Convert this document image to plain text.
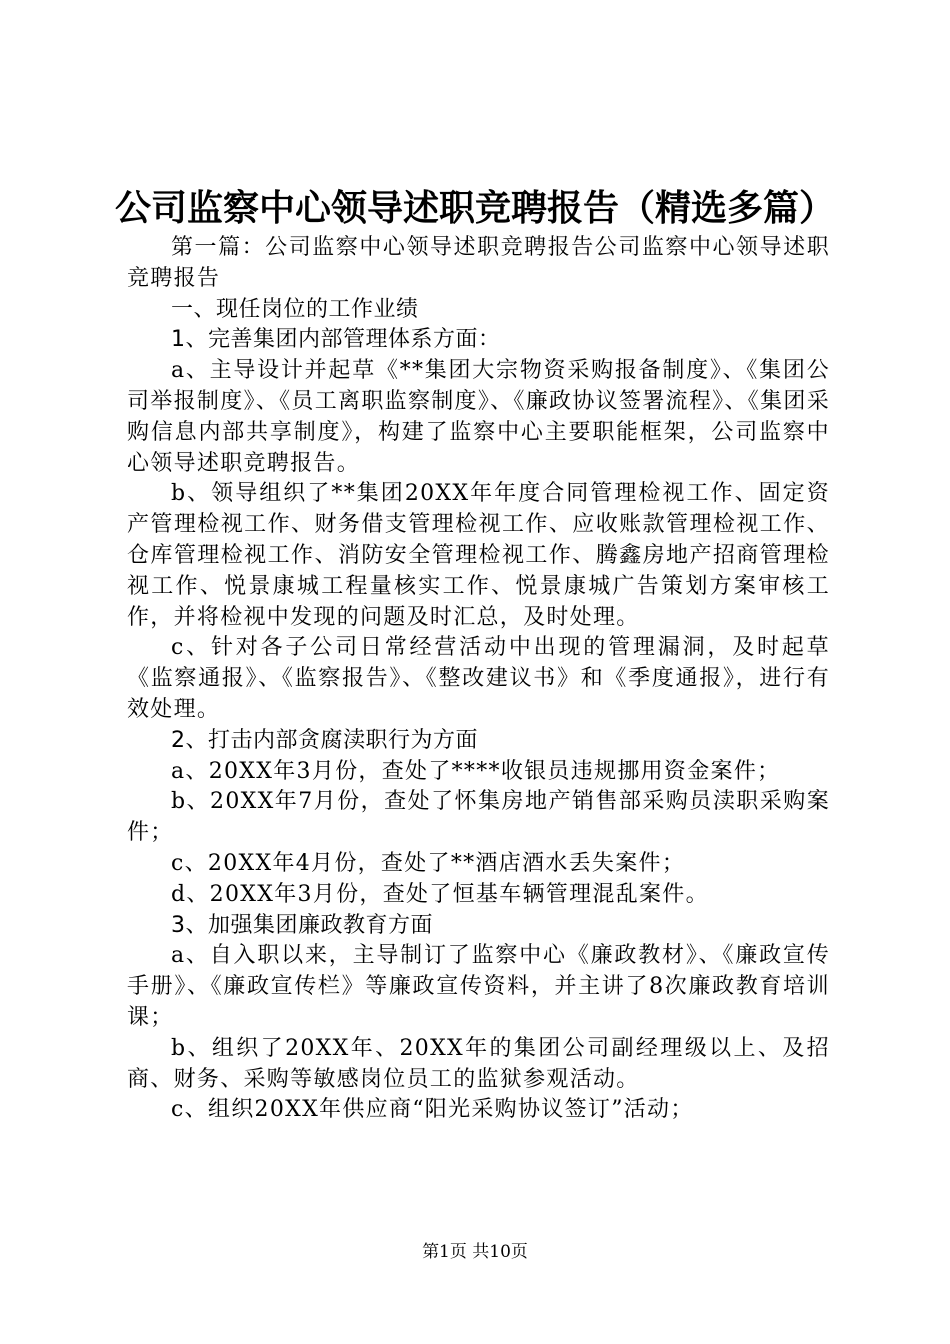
公司监察中心领导述职竞聘报告（精选多篇）

第一篇：公司监察中心领导述职竞聘报告公司监察中心领导述职竞聘报告

一、现任岗位的工作业绩

1、完善集团内部管理体系方面：

a、主导设计并起草《**集团大宗物资采购报备制度》、《集团公司举报制度》、《员工离职监察制度》、《廉政协议签署流程》、《集团采购信息内部共享制度》，构建了监察中心主要职能框架，公司监察中心领导述职竞聘报告。

b、领导组织了**集团20XX年年度合同管理检视工作、固定资产管理检视工作、财务借支管理检视工作、应收账款管理检视工作、仓库管理检视工作、消防安全管理检视工作、腾鑫房地产招商管理检视工作、悦景康城工程量核实工作、悦景康城广告策划方案审核工作，并将检视中发现的问题及时汇总，及时处理。

c、针对各子公司日常经营活动中出现的管理漏洞，及时起草《监察通报》、《监察报告》、《整改建议书》和《季度通报》，进行有效处理。

2、打击内部贪腐渎职行为方面

a、20XX年3月份，查处了****收银员违规挪用资金案件；

b、20XX年7月份，查处了怀集房地产销售部采购员渎职采购案件；

c、20XX年4月份，查处了**酒店酒水丢失案件；

d、20XX年3月份，查处了恒基车辆管理混乱案件。

3、加强集团廉政教育方面

a、自入职以来，主导制订了监察中心《廉政教材》、《廉政宣传手册》、《廉政宣传栏》等廉政宣传资料，并主讲了8次廉政教育培训课；

b、组织了20XX年、20XX年的集团公司副经理级以上、及招商、财务、采购等敏感岗位员工的监狱参观活动。

c、组织20XX年供应商“阳光采购协议签订”活动；

第1页 共10页
